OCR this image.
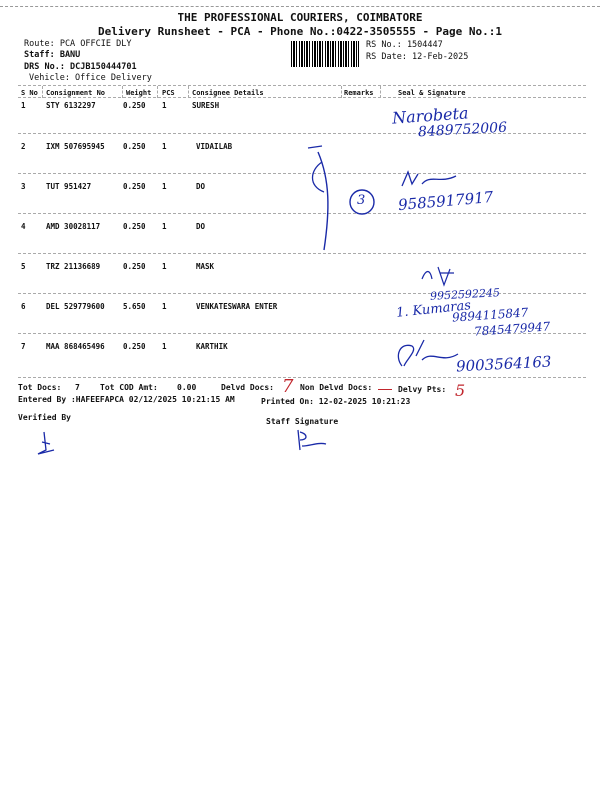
THE PROFESSIONAL COURIERS, COIMBATORE
Delivery Runsheet - PCA - Phone No.:0422-3505555 - Page No.:1
Route: PCA OFFCIE DLY
Staff: BANU
DRS No.: DCJB150444701
Vehicle: Office Delivery
RS No.: 1504447
RS Date: 12-Feb-2025
S No Consignment No	Weight PCS Consignee Details	Remarks	Seal & Signature
1	STY 6132297	0.250 1	SURESH
2	IXM 507695945 0.250 1	VIDAILAB
3	TUT 951427	0.250 1	DO
4	AMD 30028117	0.250 1	DO
5	TRZ 21136689	0.250 1	MASK
6	DEL 529779600 5.650 1	VENKATESWARA ENTER
7	MAA 868465496 0.250 1	KARTHIK
Narobeta
8489752006
3 9585917917
9952592245
1. Kumaras
9894115847
7845479947
9003564163
Tot Docs: 7	Tot COD Amt: 0.00	Delvd Docs: 7 Non Delvd Docs:	Delvy Pts: 5
Entered By :HAFEEFAPCA 02/12/2025 10:21:15 AM	Printed On: 12-02-2025 10:21:23
Verified By	Staff Signature
